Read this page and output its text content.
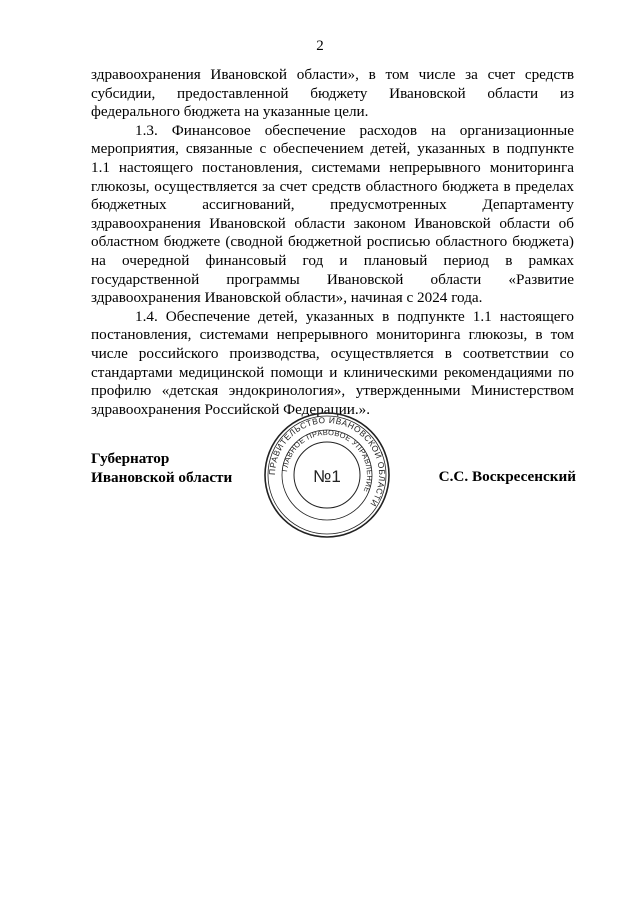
2

здравоохранения Ивановской области», в том числе за счет средств субсидии, предоставленной бюджету Ивановской области из федерального бюджета на указанные цели.

1.3. Финансовое обеспечение расходов на организационные мероприятия, связанные с обеспечением детей, указанных в подпункте 1.1 настоящего постановления, системами непрерывного мониторинга глюкозы, осуществляется за счет средств областного бюджета в пределах бюджетных ассигнований, предусмотренных Департаменту здравоохранения Ивановской области законом Ивановской области об областном бюджете (сводной бюджетной росписью областного бюджета) на очередной финансовый год и плановый период в рамках государственной программы Ивановской области «Развитие здравоохранения Ивановской области», начиная с 2024 года.

1.4. Обеспечение детей, указанных в подпункте 1.1 настоящего постановления, системами непрерывного мониторинга глюкозы, в том числе российского производства, осуществляется в соответствии со стандартами медицинской помощи и клиническими рекомендациями по профилю «детская эндокринология», утвержденными Министерством здравоохранения Российской Федерации.».

Губернатор
Ивановской области	С.С. Воскресенский
ПРАВИТЕЛЬСТВО ИВАНОВСКОЙ ОБЛАСТИ
ГЛАВНОЕ ПРАВОВОЕ УПРАВЛЕНИЕ
№1
